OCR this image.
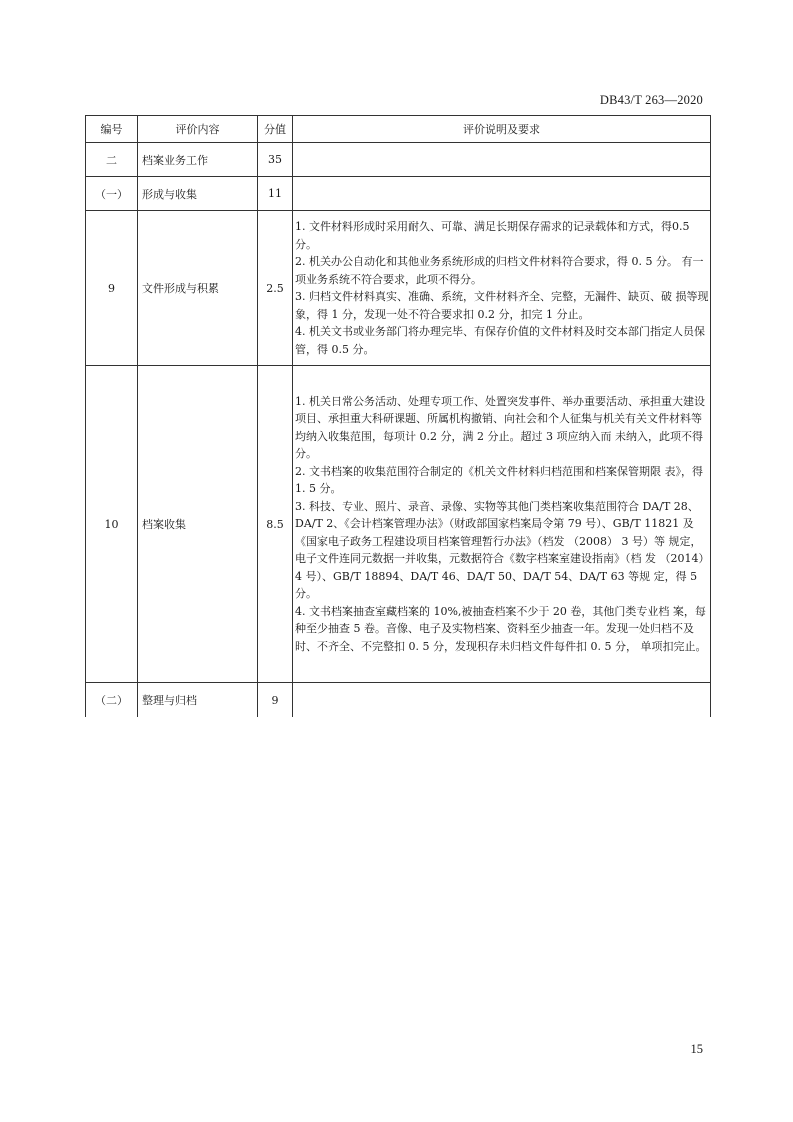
DB43/T 263—2020
编号	评价内容	分值	评价说明及要求
二	档案业务工作	35	
（一）	形成与收集	11	
9	文件形成与积累	2.5	1. 文件材料形成时采用耐久、可靠、满足长期保存需求的记录载体和方式，得0.5 分。
2. 机关办公自动化和其他业务系统形成的归档文件材料符合要求，得 0. 5 分。 有一项业务系统不符合要求，此项不得分。
3. 归档文件材料真实、准确、系统，文件材料齐全、完整，无漏件、缺页、破 损等现象，得 1 分，发现一处不符合要求扣 0.2 分，扣完 1 分止。
4. 机关文书或业务部门将办理完毕、有保存价值的文件材料及时交本部门指定人员保管，得 0.5 分。

10	档案收集	8.5	1. 机关日常公务活动、处理专项工作、处置突发事件、举办重要活动、承担重大建设项目、承担重大科研课题、所属机构撤销、向社会和个人征集与机关有关文件材料等均纳入收集范围，每项计 0.2 分，满 2 分止。超过 3 项应纳入而 未纳入，此项不得分。
2. 文书档案的收集范围符合制定的《机关文件材料归档范围和档案保管期限 表》，得 1. 5 分。
3. 科技、专业、照片、录音、录像、实物等其他门类档案收集范围符合 DA/T 28、 DA/T 2、《会计档案管理办法》（财政部国家档案局令第 79 号）、GB/T 11821 及《国家电子政务工程建设项目档案管理暂行办法》（档发 （2008） 3 号）等 规定，电子文件连同元数据一并收集，元数据符合《数字档案室建设指南》（档 发 （2014） 4 号）、GB/T 18894、DA/T 46、DA/T 50、DA/T 54、DA/T 63 等规 定，得 5 分。
4. 文书档案抽查室藏档案的 10%,被抽查档案不少于 20 卷，其他门类专业档 案，每种至少抽查 5 卷。音像、电子及实物档案、资料至少抽查一年。发现一处归档不及时、不齐全、不完整扣 0. 5 分，发现积存未归档文件每件扣 0. 5 分， 单项扣完止。

（二）	整理与归档	9	
15
